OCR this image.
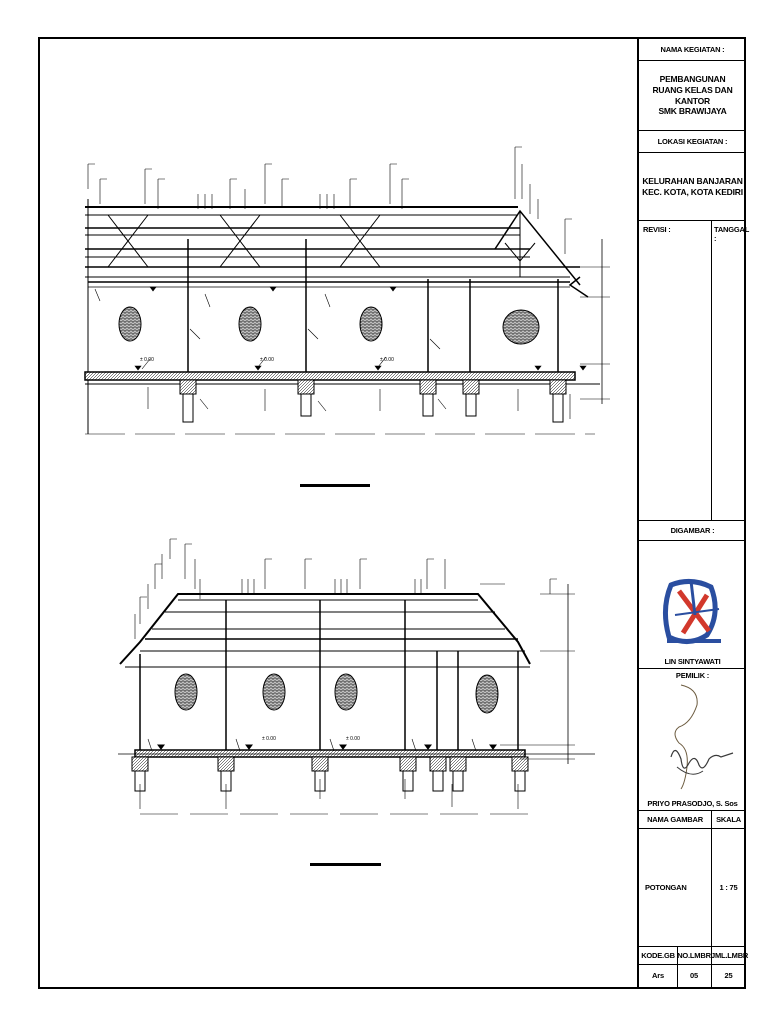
± 0.00	± 0.00	± 0.00
± 0.00	± 0.00
NAMA KEGIATAN :
PEMBANGUNAN
RUANG KELAS DAN KANTOR
SMK BRAWIJAYA
LOKASI KEGIATAN :
KELURAHAN BANJARAN
KEC. KOTA, KOTA KEDIRI
REVISI :	TANGGAL :
DIGAMBAR :
LIN SINTYAWATI
PEMILIK :
PRIYO PRASODJO, S. Sos
NAMA GAMBAR	SKALA
POTONGAN	1 : 75
KODE.GB NO.LMBR JML.LMBR
Ars	05	25
